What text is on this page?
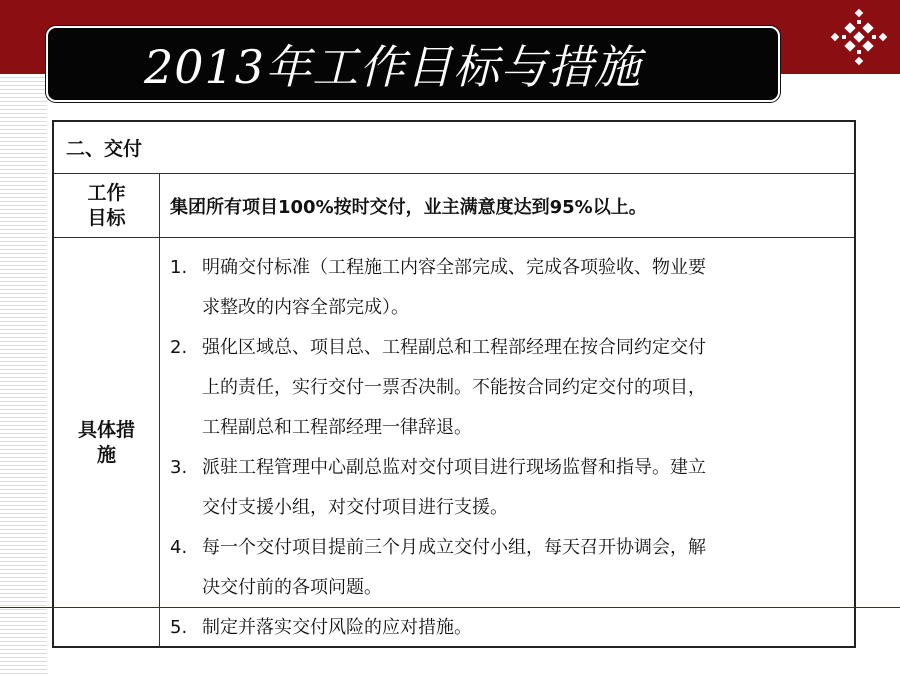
2013年工作目标与措施
二、交付
工作目标	集团所有项目100%按时交付，业主满意度达到95%以上。
具体措施
1. 明确交付标准（工程施工内容全部完成、完成各项验收、物业要
求整改的内容全部完成）。
2. 强化区域总、项目总、工程副总和工程部经理在按合同约定交付
上的责任，实行交付一票否决制。不能按合同约定交付的项目，
工程副总和工程部经理一律辞退。
3. 派驻工程管理中心副总监对交付项目进行现场监督和指导。建立
交付支援小组，对交付项目进行支援。
4. 每一个交付项目提前三个月成立交付小组，每天召开协调会，解
决交付前的各项问题。
5. 制定并落实交付风险的应对措施。
